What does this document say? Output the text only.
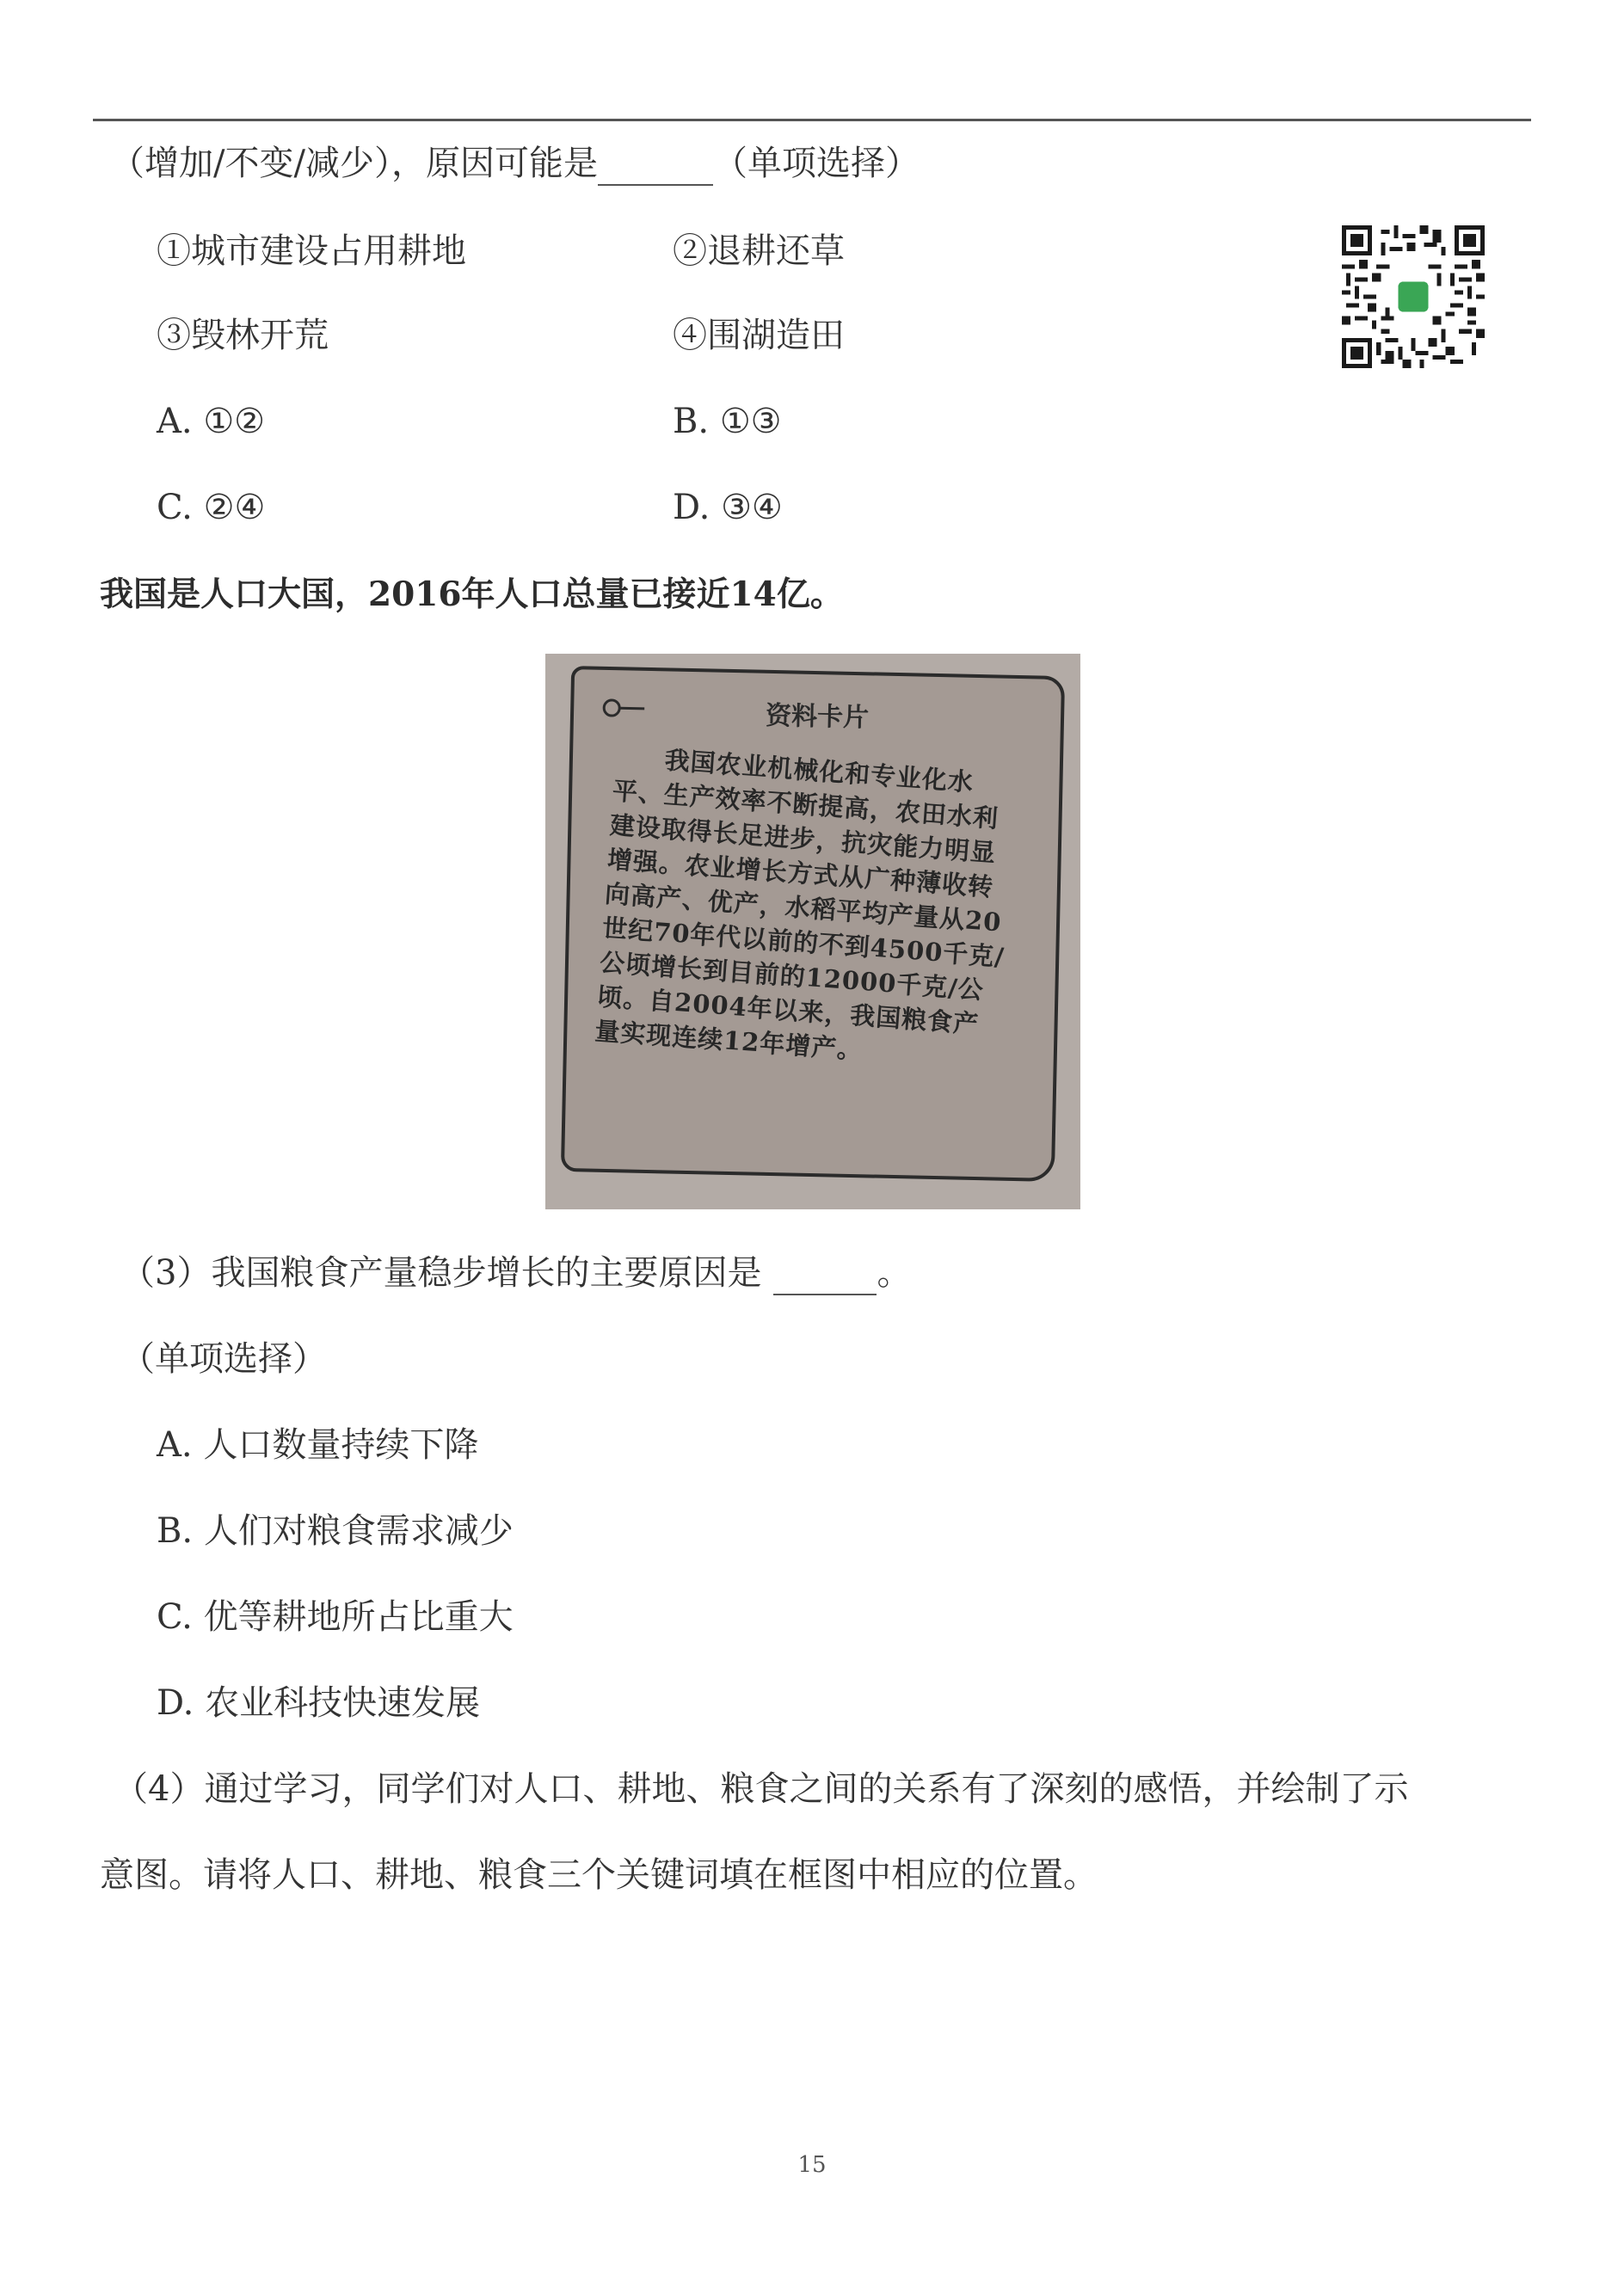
（增加/不变/减少），原因可能是	（单项选择）
①城市建设占用耕地	②退耕还草
③毁林开荒	④围湖造田
A. ①②	B. ①③
C. ②④	D. ③④
我国是人口大国，2016年人口总量已接近14亿。
资料卡片
我国农业机械化和专业化水平、生产效率不断提高，农田水利建设取得长足进步，抗灾能力明显增强。农业增长方式从广种薄收转向高产、优产，水稻平均产量从20世纪70年代以前的不到4500千克/公顷增长到目前的12000千克/公顷。自2004年以来，我国粮食产量实现连续12年增产。
（3）我国粮食产量稳步增长的主要原因是	。
（单项选择）
A. 人口数量持续下降
B. 人们对粮食需求减少
C. 优等耕地所占比重大
D. 农业科技快速发展
（4）通过学习，同学们对人口、耕地、粮食之间的关系有了深刻的感悟，并绘制了示
意图。请将人口、耕地、粮食三个关键词填在框图中相应的位置。
15
